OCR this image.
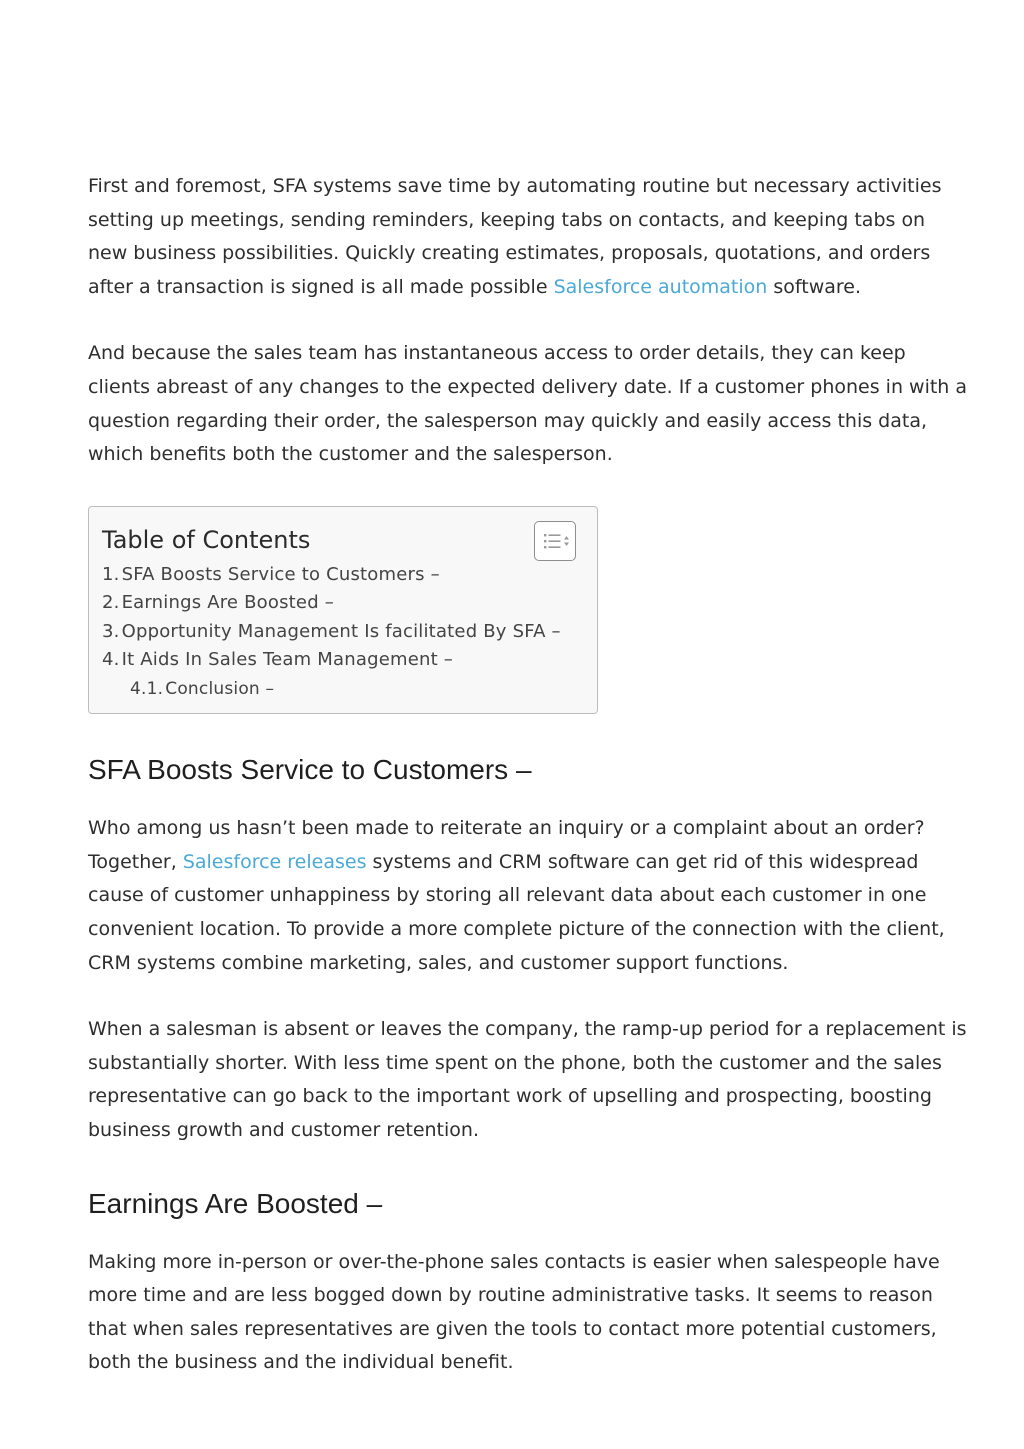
First and foremost, SFA systems save time by automating routine but necessary activities setting up meetings, sending reminders, keeping tabs on contacts, and keeping tabs on new business possibilities. Quickly creating estimates, proposals, quotations, and orders after a transaction is signed is all made possible Salesforce automation software.

And because the sales team has instantaneous access to order details, they can keep clients abreast of any changes to the expected delivery date. If a customer phones in with a question regarding their order, the salesperson may quickly and easily access this data, which benefits both the customer and the salesperson.

Table of Contents

1. SFA Boosts Service to Customers –
2. Earnings Are Boosted –
3. Opportunity Management Is facilitated By SFA –
4. It Aids In Sales Team Management –
4.1. Conclusion –
SFA Boosts Service to Customers –

Who among us hasn’t been made to reiterate an inquiry or a complaint about an order? Together, Salesforce releases systems and CRM software can get rid of this widespread cause of customer unhappiness by storing all relevant data about each customer in one convenient location. To provide a more complete picture of the connection with the client, CRM systems combine marketing, sales, and customer support functions.

When a salesman is absent or leaves the company, the ramp-up period for a replacement is substantially shorter. With less time spent on the phone, both the customer and the sales representative can go back to the important work of upselling and prospecting, boosting business growth and customer retention.

Earnings Are Boosted –

Making more in-person or over-the-phone sales contacts is easier when salespeople have more time and are less bogged down by routine administrative tasks. It seems to reason that when sales representatives are given the tools to contact more potential customers, both the business and the individual benefit.
